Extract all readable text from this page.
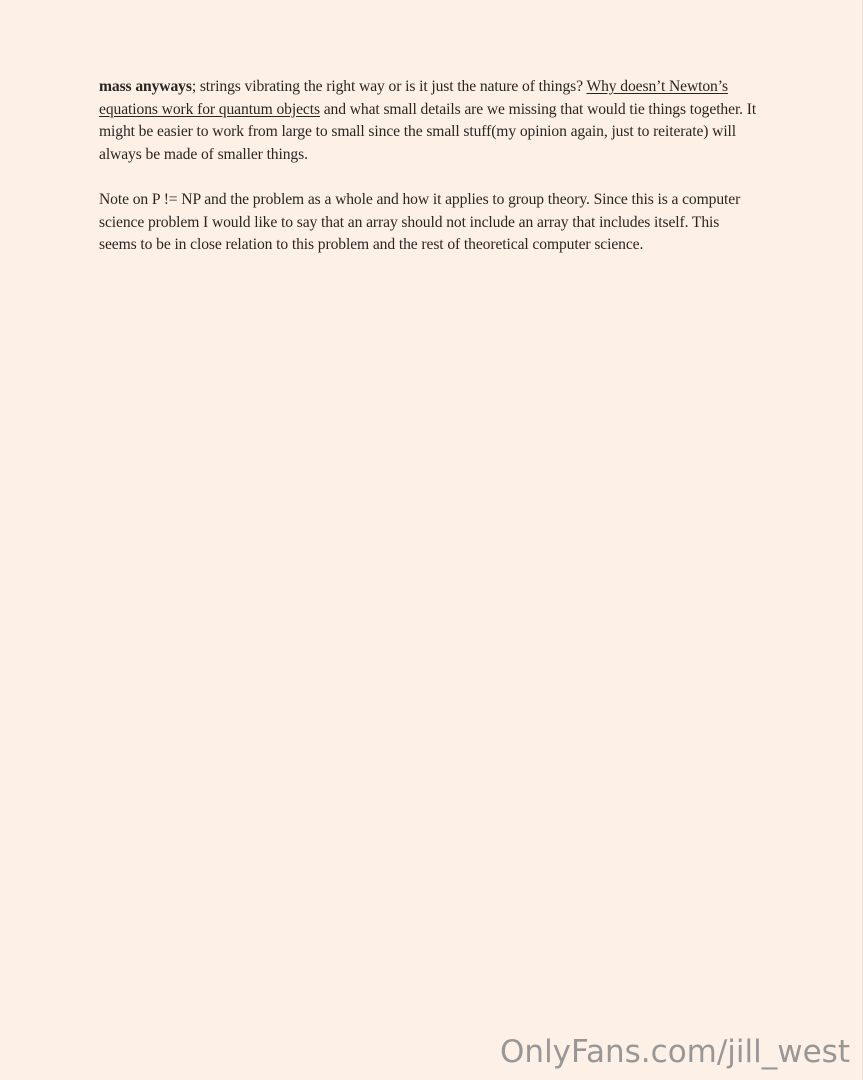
mass anyways; strings vibrating the right way or is it just the nature of things? Why doesn’t Newton’s equations work for quantum objects and what small details are we missing that would tie things together. It might be easier to work from large to small since the small stuff(my opinion again, just to reiterate) will always be made of smaller things.

Note on P != NP and the problem as a whole and how it applies to group theory. Since this is a computer science problem I would like to say that an array should not include an array that includes itself. This seems to be in close relation to this problem and the rest of theoretical computer science.

OnlyFans.com/jill_west
